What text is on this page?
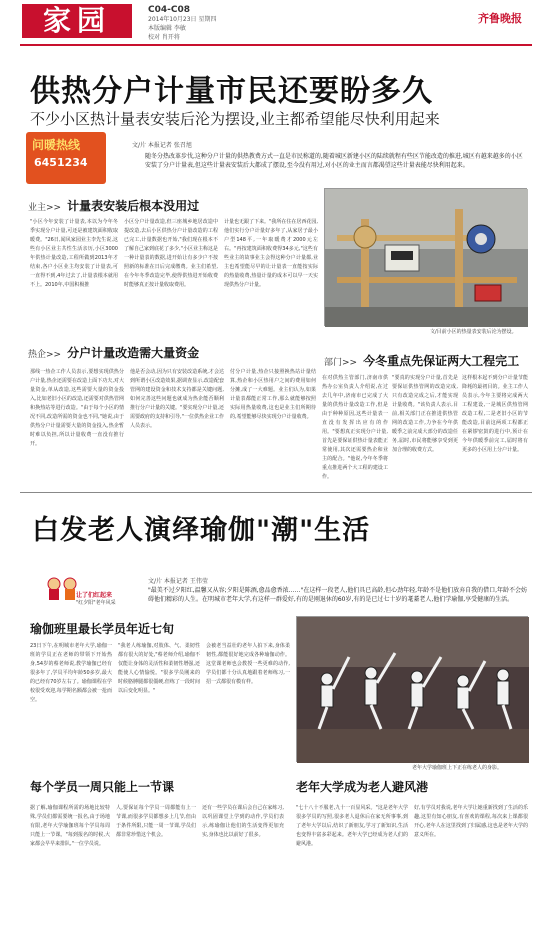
家园	C04-C08
2014年10月23日 星期四
本版编辑 李敏
校对 肖开将
齐鲁晚报
供热分户计量市民还要盼多久
不少小区热计量表安装后沦为摆设,业主都希望能尽快利用起来
问暖热线
6451234
文/片 本报记者 张召旭
随冬分热改革步伐,这种分户计量的供热教费方式一直是市民称道的,随着城区新建小区的陆续就程有些区节能改造的推进,城区有越来越多的小区安装了分户计量表,但这些计量表安装后大都成了摆设,至今没有用过,对小区的业主而言都渴望这些计量表能尽快利用起来。
业主>> 计量表安装后根本没用过
"小区今年安装了计量表,本以为今年冬季实现分户计量,可还是被建筑面积收取暖费。"26日,闻风家园业主李先生说,这些有小区业主共性生活亲历,小区3000年供热计量改造,工程所做到2013年才结束,各户小区业主均安装了计量表,可一直得不到,4年过去了,计量表根本就用不上。2010年,中国积极推
小区分户计量改造,但三座城乡地居改造中提改造,去后小区供热分户计量改造的工程已完工,计量数据也开始,"我们现在根本不了解自己家到底花了多少,"小区业主称这是一种计量表的数据,进开始让有多少户不按照新的标准在日后完成缴费。业主们希望,在今年冬季改造完毕,使得供热进开始收费时能够真正按计量收取费用。
计量也无跟了下来。"我所在住在居西花园,他们实行分户计量好多年了,从家居子最小户型148平,一年取暖费才2000元左右。"再按建筑面积收费得34多元,"这些有些业主的故事业主会得这种分户计量都,业主也希望能尽早的让计量表一直能按实际的热量收费,热量计量的成本可以早一天实现供热分户计量。
文/目前小区的热量表安装后沦为摆设。
热企>> 分户计量改造需大量资金
那线一热企工作人员表示,要想实现供热分户计量,热企还需要在改造上面下功夫,对大量资金,单从改造,这些需要大量的资金投入,比如老旧小区的改造,还需要对供热管网和换热站等进行改造。"由于每个小区的情况不同,改造所需的资金也不同,"她说,由于供热分户计量需要大量的资金投入,热企暂时难以负担,所以计量收费一直没有推行开。
他是否会动,因为只有安装改造系统,才会达到所谓小区改造效果,据调查显示,改造配套管网的建设资金和技术支持都是关键问题,如何完善这些问题也就成为热企能否顺利推行分户计量的关键。"要实现分户计量,还需要政府的支持和引导,"一位供热企业工作人员表示。
付分户计量,热企只接照换热站计量结算,热企和小区热用户之间的费用如何分摊,成了一大难题。业主们认为,如果计量表都能正常工作,那么就能够按照实际用热量收费,这也是业主们所期待的,希望能够尽快实现分户计量收费。
部门>> 今冬重点先保证两大工程完工
在对供热主管部门,济南市供热办公室负责人介绍说,在过去几年中,济南市已完成了大量的供热计量改造工作,但是由于种种原因,这些计量表一直没有发挥出应有的作用。"要想真正实现分户计量,首先是要保证供热计量表能正常使用,其次还需要热企和业主的配合。"他说,今年冬季将重点推进两个大工程的建设工作。
"要真的实现分户计量,首先是要保证供热管网的改造完成,只有改造完成之后,才能实现计量收费。"该负责人表示,目前,相关部门正在推进供热管网的改造工作,力争在今年供暖季之前完成大部分的改造任务,届时,市民将能够享受到更加合理的收费方式。
这样根本起不到分户计量节能降耗的最初目的。业主工作人员表示,今年主要将完成两大工程建设,一是城区供热管网改造工程,二是老旧小区的节能改造,目前这两项工程都正在紧锣密鼓的进行中,预计在今年供暖季前完工,届时将有更多的小区用上分户计量。
白发老人演绎瑜伽"潮"生活
让了们红起来
"红夕阳"老年风采
文/片 本报记者 王伟莹
"最美不过夕阳红,温馨又从容;夕阳是陈酒,愈品愈香浓……"在这样一段老人,他们具已高龄,但心劲年轻,年龄不是他们放弃自我的借口,年龄不会妨碍他们精彩的人生。在明城市老年大学,有这样一群爱好,有的是刚退休的60岁,有的是已过七十岁的耄耋老人,他们学瑜伽,享受健康的生活。
瑜伽班里最长学员年近七旬
23日下午,在明城市老年大学,瑜伽一班的学员正在老师的带领下开始热身,54岁的蔡老师说,教学瑜伽已经有很多年了,学员平均年龄50多岁,最大的已经有70岁左右了。瑜伽课程在学校很受欢迎,每学期名额都会被一抢而空。
"我老人练瑜伽,对肢体、气、柔韧性都有很大的好处,"蔡老师介绍,瑜伽不仅能让身体的灵活性和柔韧性增强,还能使人心情愉悦。"很多学员刚来的时候胳膊腿都很僵硬,但练了一段时间以后变化明显。"
会被老当益壮的老年人拍下来,身体柔韧性,都能很好地完成各种瑜伽动作。这堂课老师也会教授一些更难的动作,学员们都十分认真地跟着老师练习,一招一式都很有模有样。
老年大学瑜伽班上下正在练老人的身影。
每个学员一周只能上一节课
据了解,瑜伽课程所需的场地比较特殊,学员们都需要统一报名,由于场地有限,老年大学瑜伽班每个学员每周只能上一节课。"每到报名的时候,大家都会早早来排队,"一位学员说。
人,要保证每个学员一周都能有上一节课,而很多学员都想多上几节,但由于条件所限,只能一周一节课,学员们都非常珍惜这个机会。
还有一些学员在课后会自己在家练习,以巩固课堂上学到的动作,学员们表示,练瑜伽让他们的生活变得更加充实,身体也比以前好了很多。
老年大学成为老人避风港
"七十八十不服老,九十一百显风采。"这是老年大学很多学员的写照,很多老人退休后在家无所事事,到了老年大学以后,结识了新朋友,学习了新知识,生活也变得丰富多彩起来。老年大学已经成为老人们的避风港。
好,有学员对我说,老年大学让她重新找到了生活的乐趣,这里有知心朋友,有喜欢的课程,每次来上课都很开心,老年人在这里找到了归属感,这也是老年大学的意义所在。
